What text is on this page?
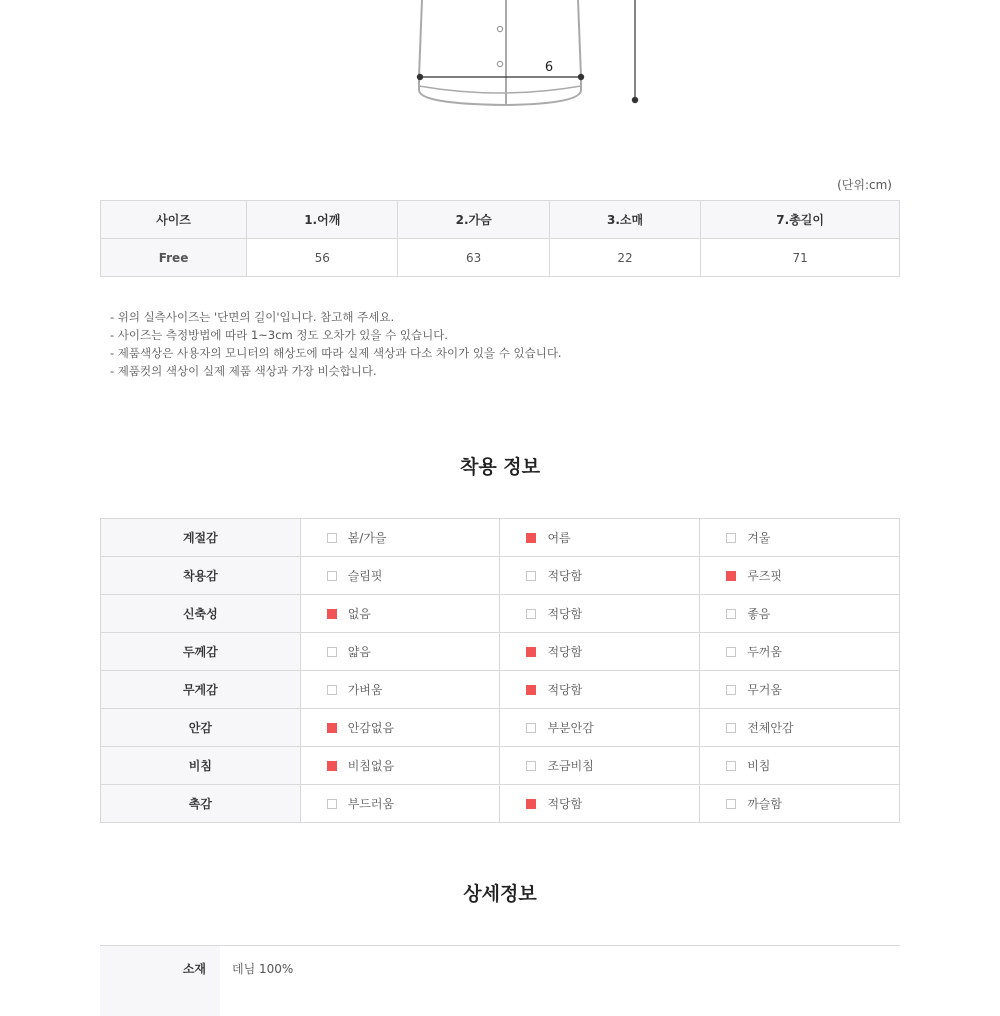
6
(단위:cm)
사이즈	1.어깨	2.가슴	3.소매	7.총길이
Free	56	63	22	71
- 위의 실측사이즈는 '단면의 길이'입니다. 참고해 주세요.
- 사이즈는 측정방법에 따라 1~3cm 정도 오차가 있을 수 있습니다.
- 제품색상은 사용자의 모니터의 해상도에 따라 실제 색상과 다소 차이가 있을 수 있습니다.
- 제품컷의 색상이 실제 제품 색상과 가장 비슷합니다.
착용 정보
계절감	봄/가을	여름	겨울

착용감	슬림핏	적당함	루즈핏

신축성	없음	적당함	좋음

두께감	얇음	적당함	두꺼움

무게감	가벼움	적당함	무거움

안감	안감없음	부분안감	전체안감

비침	비침없음	조금비침	비침

촉감	부드러움	적당함	까슬함
상세정보
소재	데님 100%
